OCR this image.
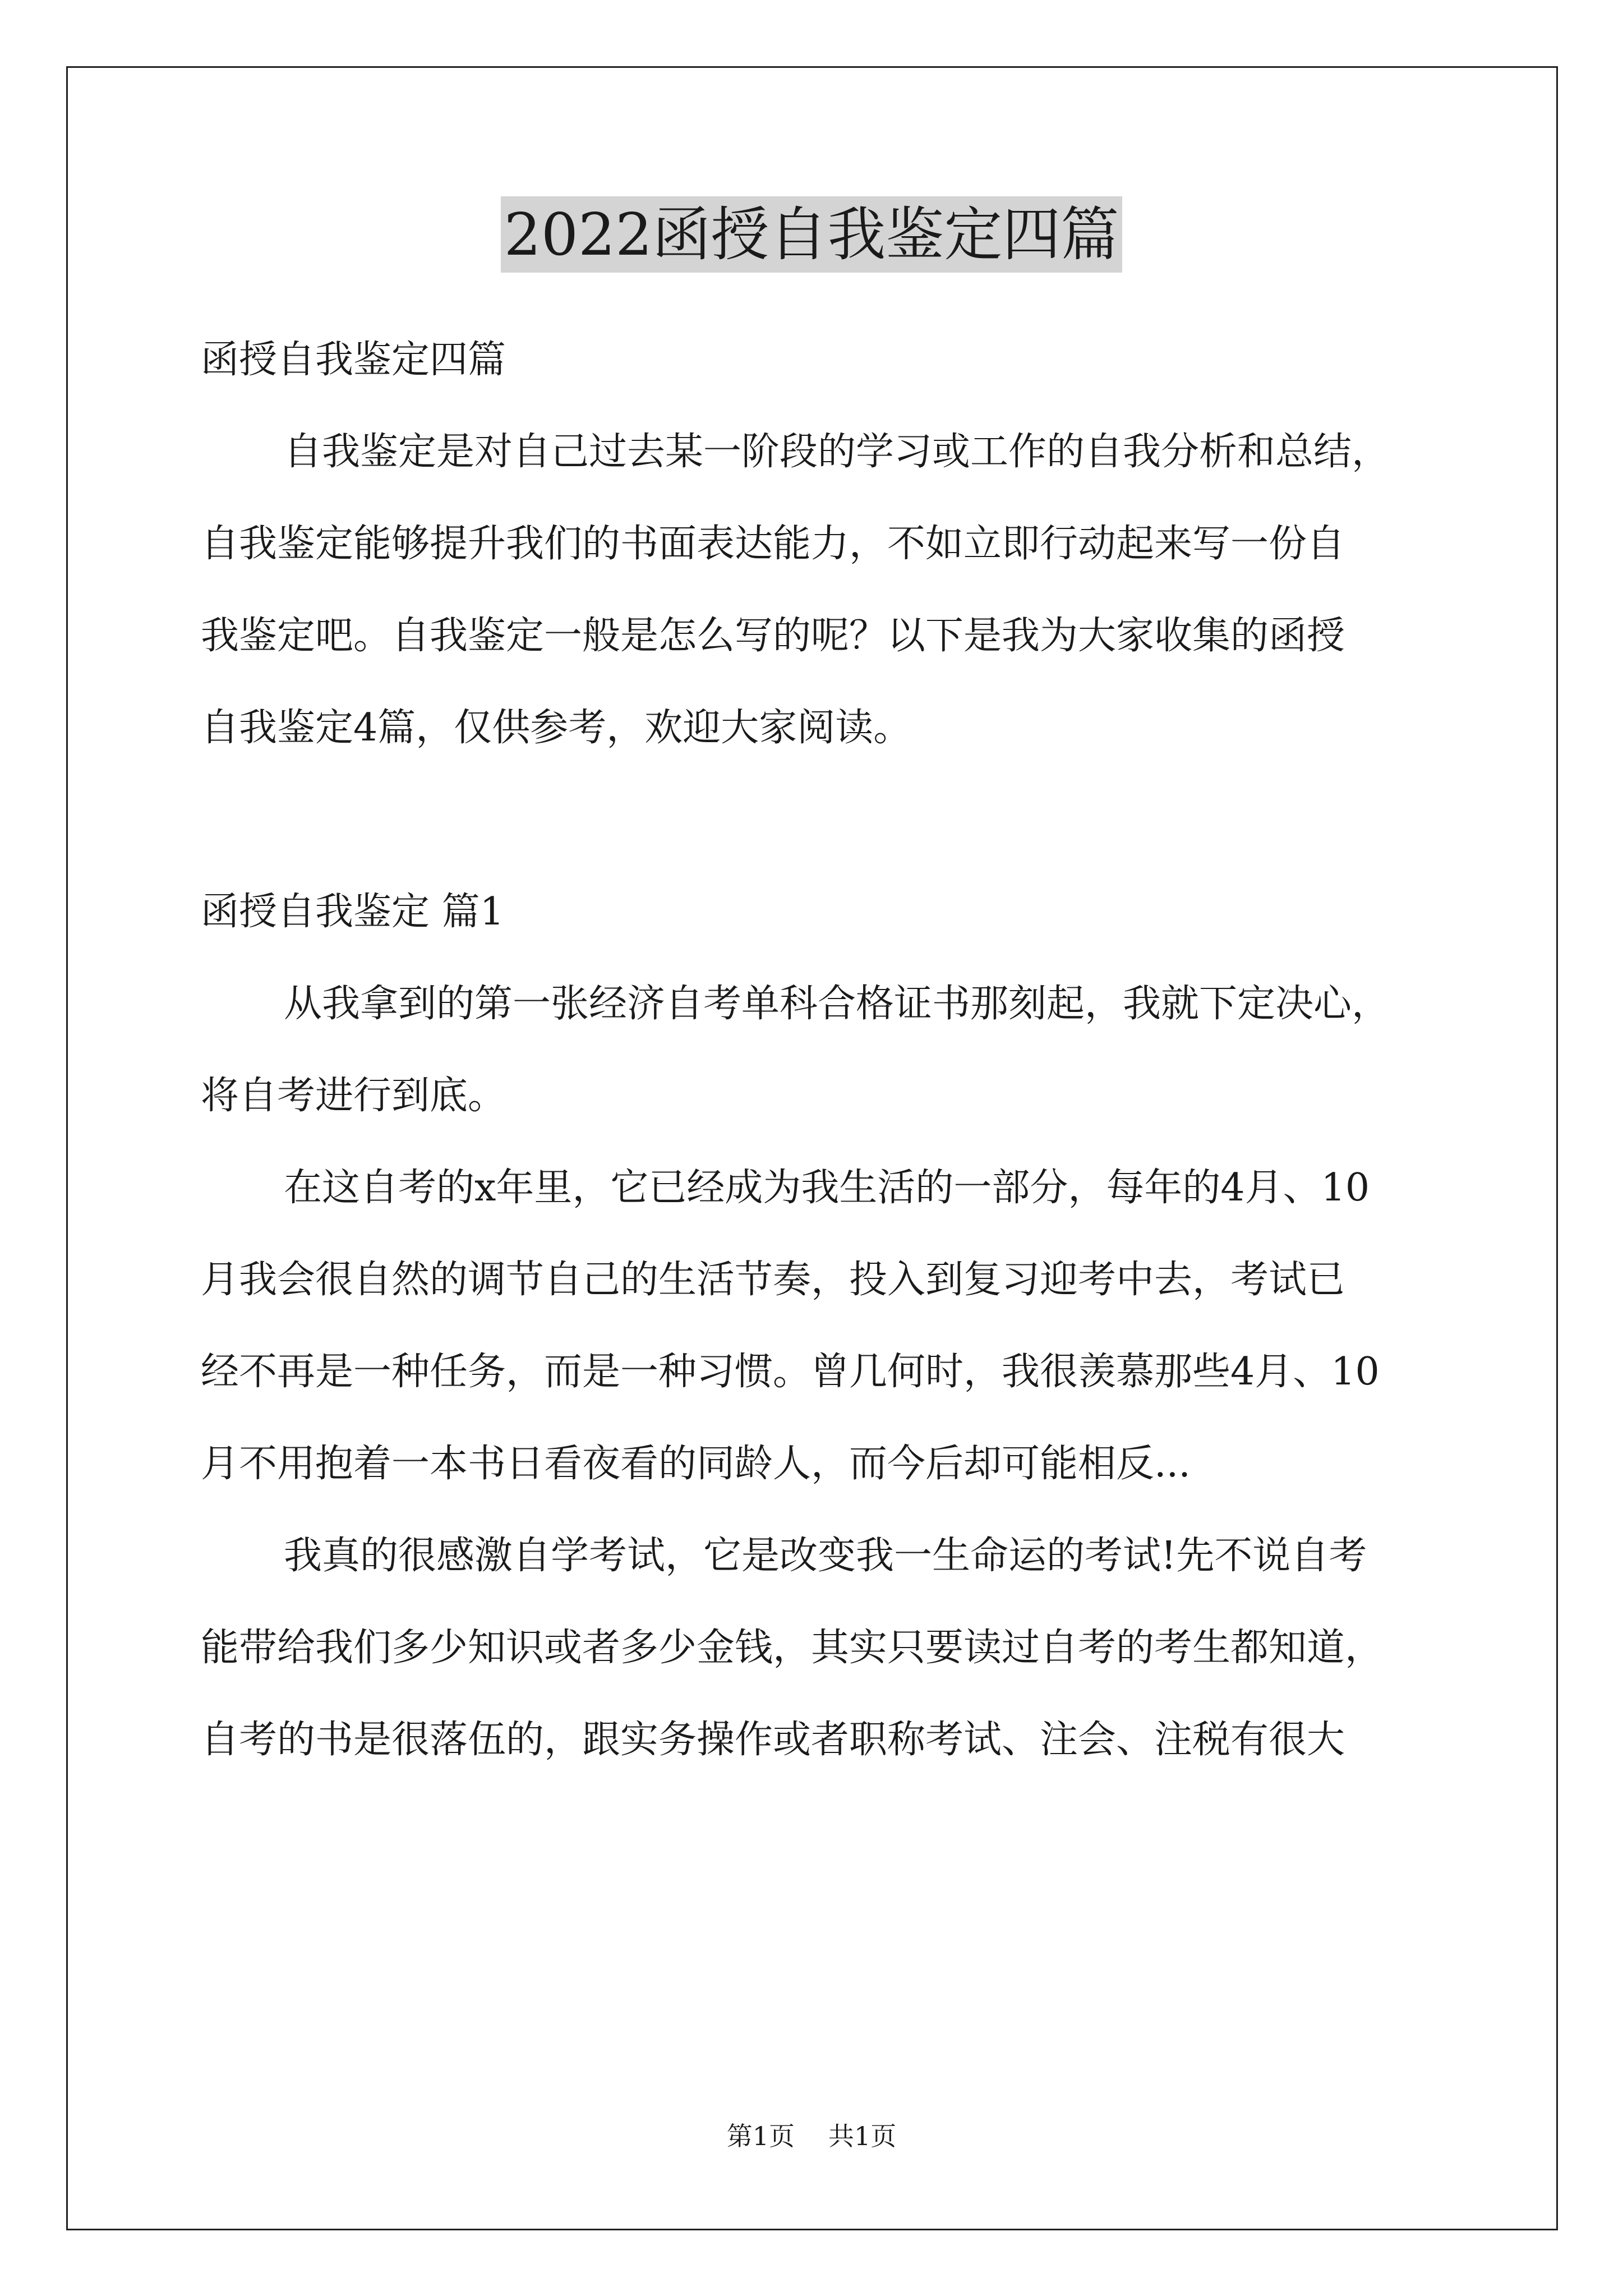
2022函授自我鉴定四篇
函授自我鉴定四篇
自我鉴定是对自己过去某一阶段的学习或工作的自我分析和总结，
自我鉴定能够提升我们的书面表达能力，不如立即行动起来写一份自
我鉴定吧。自我鉴定一般是怎么写的呢？以下是我为大家收集的函授
自我鉴定4篇，仅供参考，欢迎大家阅读。
函授自我鉴定 篇1
从我拿到的第一张经济自考单科合格证书那刻起，我就下定决心，
将自考进行到底。
在这自考的x年里，它已经成为我生活的一部分，每年的4月、10
月我会很自然的调节自己的生活节奏，投入到复习迎考中去，考试已
经不再是一种任务，而是一种习惯。曾几何时，我很羡慕那些4月、10
月不用抱着一本书日看夜看的同龄人，而今后却可能相反...
我真的很感激自学考试，它是改变我一生命运的考试!先不说自考
能带给我们多少知识或者多少金钱，其实只要读过自考的考生都知道，
自考的书是很落伍的，跟实务操作或者职称考试、注会、注税有很大
第1页 共1页
